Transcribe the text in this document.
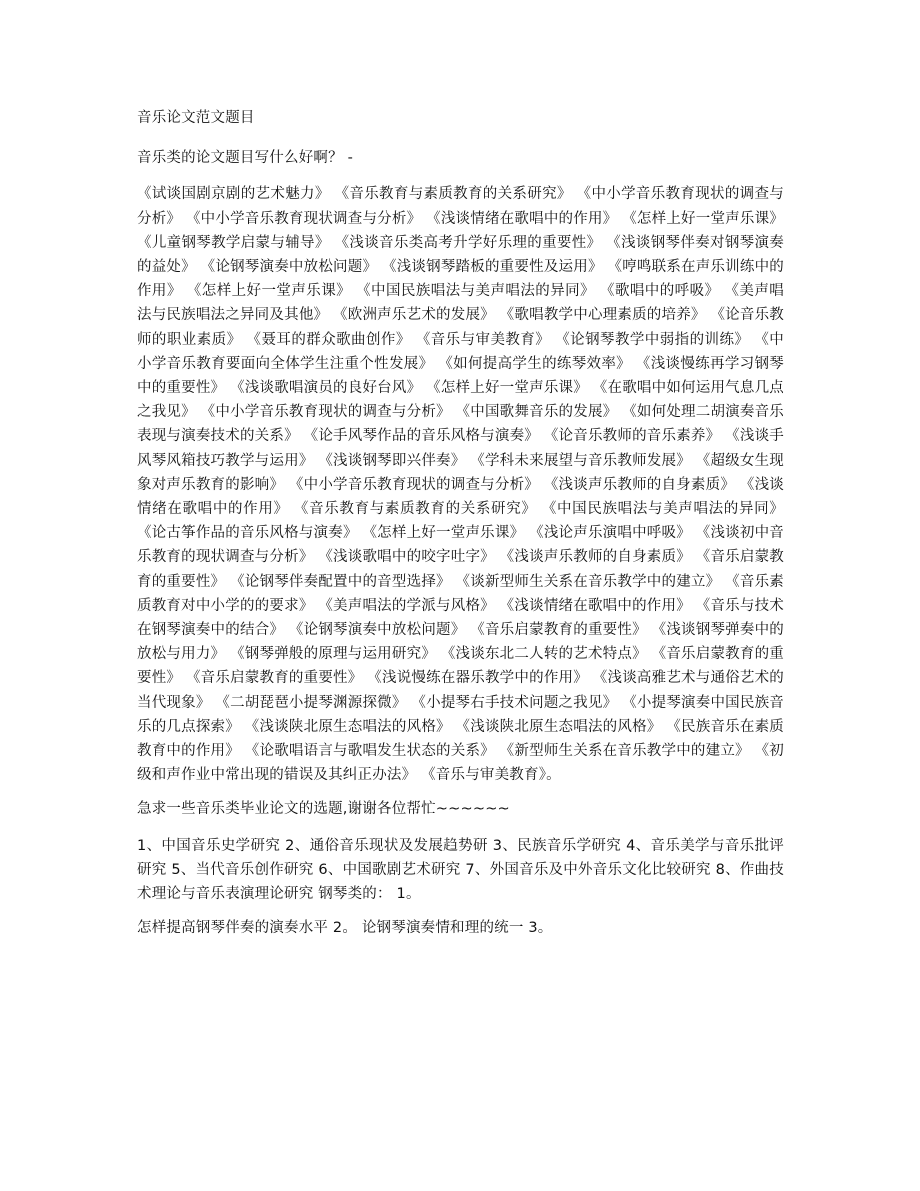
音乐论文范文题目

音乐类的论文题目写什么好啊？ -

《试谈国剧京剧的艺术魅力》 《音乐教育与素质教育的关系研究》 《中小学音乐教育现状的调查与分析》 《中小学音乐教育现状调查与分析》 《浅谈情绪在歌唱中的作用》 《怎样上好一堂声乐课》 《儿童钢琴教学启蒙与辅导》 《浅谈音乐类高考升学好乐理的重要性》 《浅谈钢琴伴奏对钢琴演奏的益处》 《论钢琴演奏中放松问题》 《浅谈钢琴踏板的重要性及运用》 《哼鸣联系在声乐训练中的作用》 《怎样上好一堂声乐课》 《中国民族唱法与美声唱法的异同》 《歌唱中的呼吸》 《美声唱法与民族唱法之异同及其他》 《欧洲声乐艺术的发展》 《歌唱教学中心理素质的培养》 《论音乐教师的职业素质》 《聂耳的群众歌曲创作》 《音乐与审美教育》 《论钢琴教学中弱指的训练》 《中小学音乐教育要面向全体学生注重个性发展》 《如何提高学生的练琴效率》 《浅谈慢练再学习钢琴中的重要性》 《浅谈歌唱演员的良好台风》 《怎样上好一堂声乐课》 《在歌唱中如何运用气息几点之我见》 《中小学音乐教育现状的调查与分析》 《中国歌舞音乐的发展》 《如何处理二胡演奏音乐表现与演奏技术的关系》 《论手风琴作品的音乐风格与演奏》 《论音乐教师的音乐素养》 《浅谈手风琴风箱技巧教学与运用》 《浅谈钢琴即兴伴奏》 《学科未来展望与音乐教师发展》 《超级女生现象对声乐教育的影响》 《中小学音乐教育现状的调查与分析》 《浅谈声乐教师的自身素质》 《浅谈情绪在歌唱中的作用》 《音乐教育与素质教育的关系研究》 《中国民族唱法与美声唱法的异同》 《论古筝作品的音乐风格与演奏》 《怎样上好一堂声乐课》 《浅论声乐演唱中呼吸》 《浅谈初中音乐教育的现状调查与分析》 《浅谈歌唱中的咬字吐字》 《浅谈声乐教师的自身素质》 《音乐启蒙教育的重要性》 《论钢琴伴奏配置中的音型选择》 《谈新型师生关系在音乐教学中的建立》 《音乐素质教育对中小学的的要求》 《美声唱法的学派与风格》 《浅谈情绪在歌唱中的作用》 《音乐与技术在钢琴演奏中的结合》 《论钢琴演奏中放松问题》 《音乐启蒙教育的重要性》 《浅谈钢琴弹奏中的放松与用力》 《钢琴弹般的原理与运用研究》 《浅谈东北二人转的艺术特点》 《音乐启蒙教育的重要性》 《音乐启蒙教育的重要性》 《浅说慢练在器乐教学中的作用》 《浅谈高雅艺术与通俗艺术的当代现象》 《二胡琵琶小提琴渊源探微》 《小提琴右手技术问题之我见》 《小提琴演奏中国民族音乐的几点探索》 《浅谈陕北原生态唱法的风格》 《浅谈陕北原生态唱法的风格》 《民族音乐在素质教育中的作用》 《论歌唱语言与歌唱发生状态的关系》 《新型师生关系在音乐教学中的建立》 《初级和声作业中常出现的错误及其纠正办法》 《音乐与审美教育》。

急求一些音乐类毕业论文的选题,谢谢各位帮忙~~~~~~

1、中国音乐史学研究 2、通俗音乐现状及发展趋势研 3、民族音乐学研究 4、音乐美学与音乐批评研究 5、当代音乐创作研究 6、中国歌剧艺术研究 7、外国音乐及中外音乐文化比较研究 8、作曲技术理论与音乐表演理论研究 钢琴类的： 1。

怎样提高钢琴伴奏的演奏水平 2。 论钢琴演奏情和理的统一 3。
